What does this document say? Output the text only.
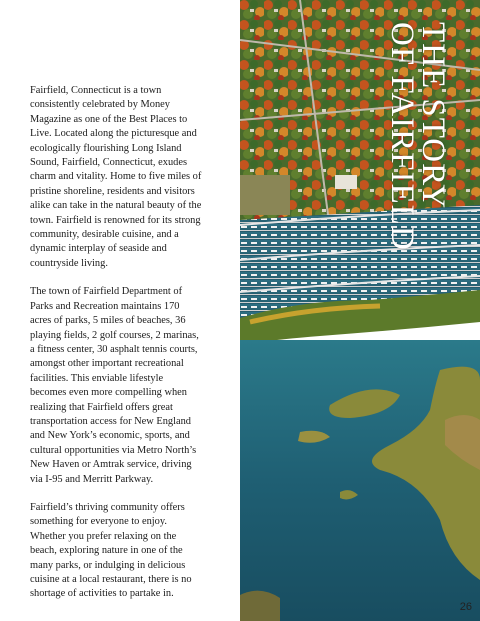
Fairfield, Connecticut is a town consistently celebrated by Money Magazine as one of the Best Places to Live. Located along the picturesque and ecologically flourishing Long Island Sound, Fairfield, Connecticut, exudes charm and vitality. Home to five miles of pristine shoreline, residents and visitors alike can take in the natural beauty of the town. Fairfield is renowned for its strong community, desirable cuisine, and a dynamic interplay of seaside and countryside living.

The town of Fairfield Department of Parks and Recreation maintains 170 acres of parks, 5 miles of beaches, 36 playing fields, 2 golf courses, 2 marinas, a fitness center, 30 asphalt tennis courts, amongst other important recreational facilities. This enviable lifestyle becomes even more compelling when realizing that Fairfield offers great transportation access for New England and New York’s economic, sports, and cultural opportunities via Metro North’s New Haven or Amtrak service, driving via I-95 and Merritt Parkway.

Fairfield’s thriving community offers something for everyone to enjoy. Whether you prefer relaxing on the beach, exploring nature in one of the many parks, or indulging in delicious cuisine at a local restaurant, there is no shortage of activities to partake in.

THE STORY
OF FAIRFIELD
26
